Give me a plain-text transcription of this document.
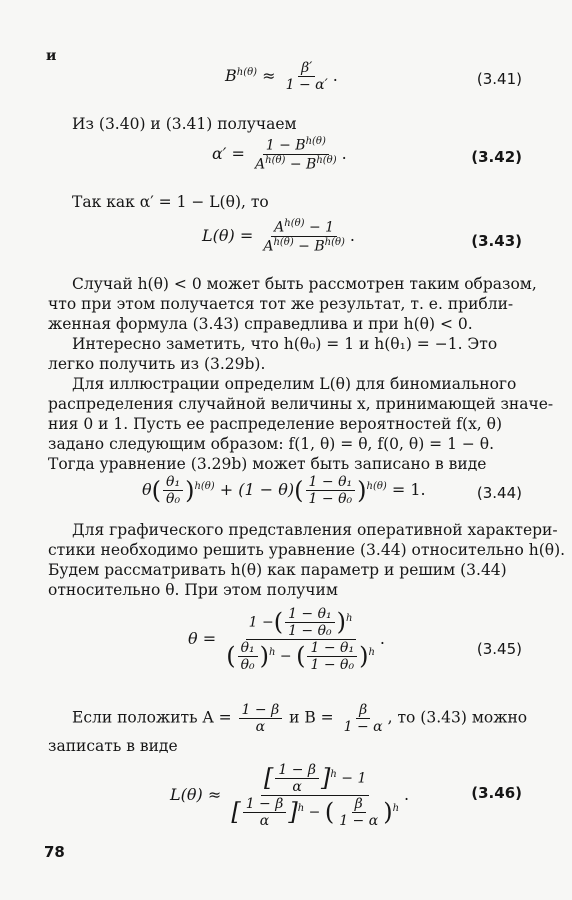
и
$B^{h(\theta)} \approx \frac{\beta'}{1 - \alpha'}$ .	(3.41)
Из (3.40) и (3.41) получаем
$\alpha' = \frac{1 - B^{h(\theta)}}{A^{h(\theta)} - B^{h(\theta)}}$ .	(3.42)
Так как α′ = 1 − L(θ), то
$L(\theta) = \frac{A^{h(\theta)} - 1}{A^{h(\theta)} - B^{h(\theta)}}$ .	(3.43)
Случай h(θ) < 0 может быть рассмотрен таким образом,
что при этом получается тот же результат, т. е. прибли-
женная формула (3.43) справедлива и при h(θ) < 0.
Интересно заметить, что h(θ₀) = 1 и h(θ₁) = −1. Это
легко получить из (3.29b).
Для иллюстрации определим L(θ) для биномиального
распределения случайной величины x, принимающей значе-
ния 0 и 1. Пусть ее распределение вероятностей f(x, θ)
задано следующим образом: f(1, θ) = θ, f(0, θ) = 1 − θ.
Тогда уравнение (3.29b) может быть записано в виде
$\theta( \frac{\text{θ₁}}{\text{θ₀}} )^{h(\theta)} + (1 - \theta)( \frac{\text{1 − θ₁}}{\text{1 − θ₀}} )^{h(\theta)} = 1$.	(3.44)
Для графического представления оперативной характери-
стики необходимо решить уравнение (3.44) относительно h(θ).
Будем рассматривать h(θ) как параметр и решим (3.44)
относительно θ. При этом получим
$\theta = \frac{1 -( \frac{\text{1 − θ₁}}{\text{1 − θ₀}} )^h}{( \frac{\text{θ₁}}{\text{θ₀}} )^h - ( \frac{\text{1 − θ₁}}{\text{1 − θ₀}} )^h}$ .
(3.45)
Если положить $A = \frac{1 - \beta}{\alpha}$ и $B = \frac{\beta}{1 - \alpha}$ , то (3.43) можно
записать в виде
$L(\theta) \approx \frac{[ \frac{1 - \beta}{\alpha} ]^h - 1}{[ \frac{1 - \beta}{\alpha} ]^h - ( \frac{\beta}{1 - \alpha} )^h}$ .	(3.46)
78
